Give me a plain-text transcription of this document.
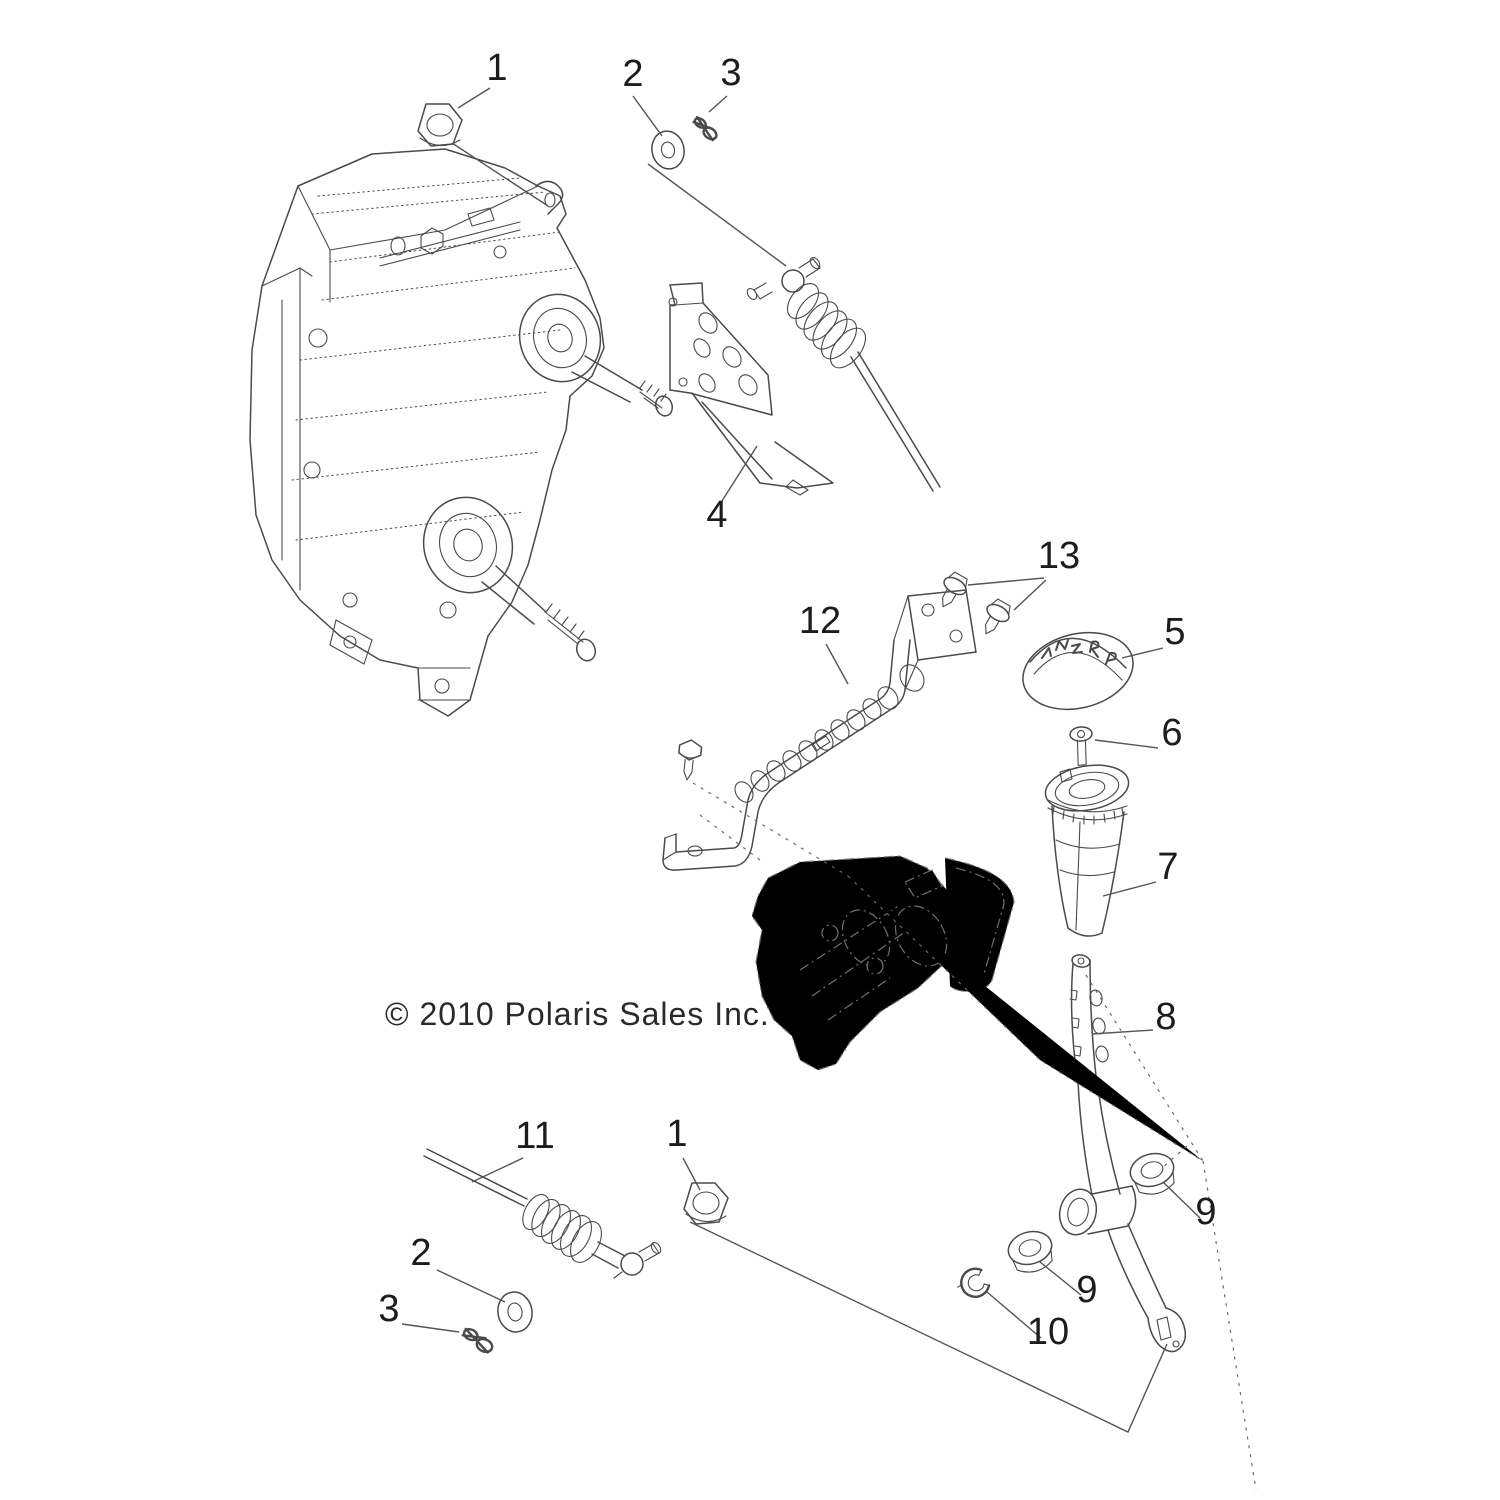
1	2 3
4
13
12	5
6
7
8
11	1
2
3
9
9
10
© 2010 Polaris Sales Inc.
